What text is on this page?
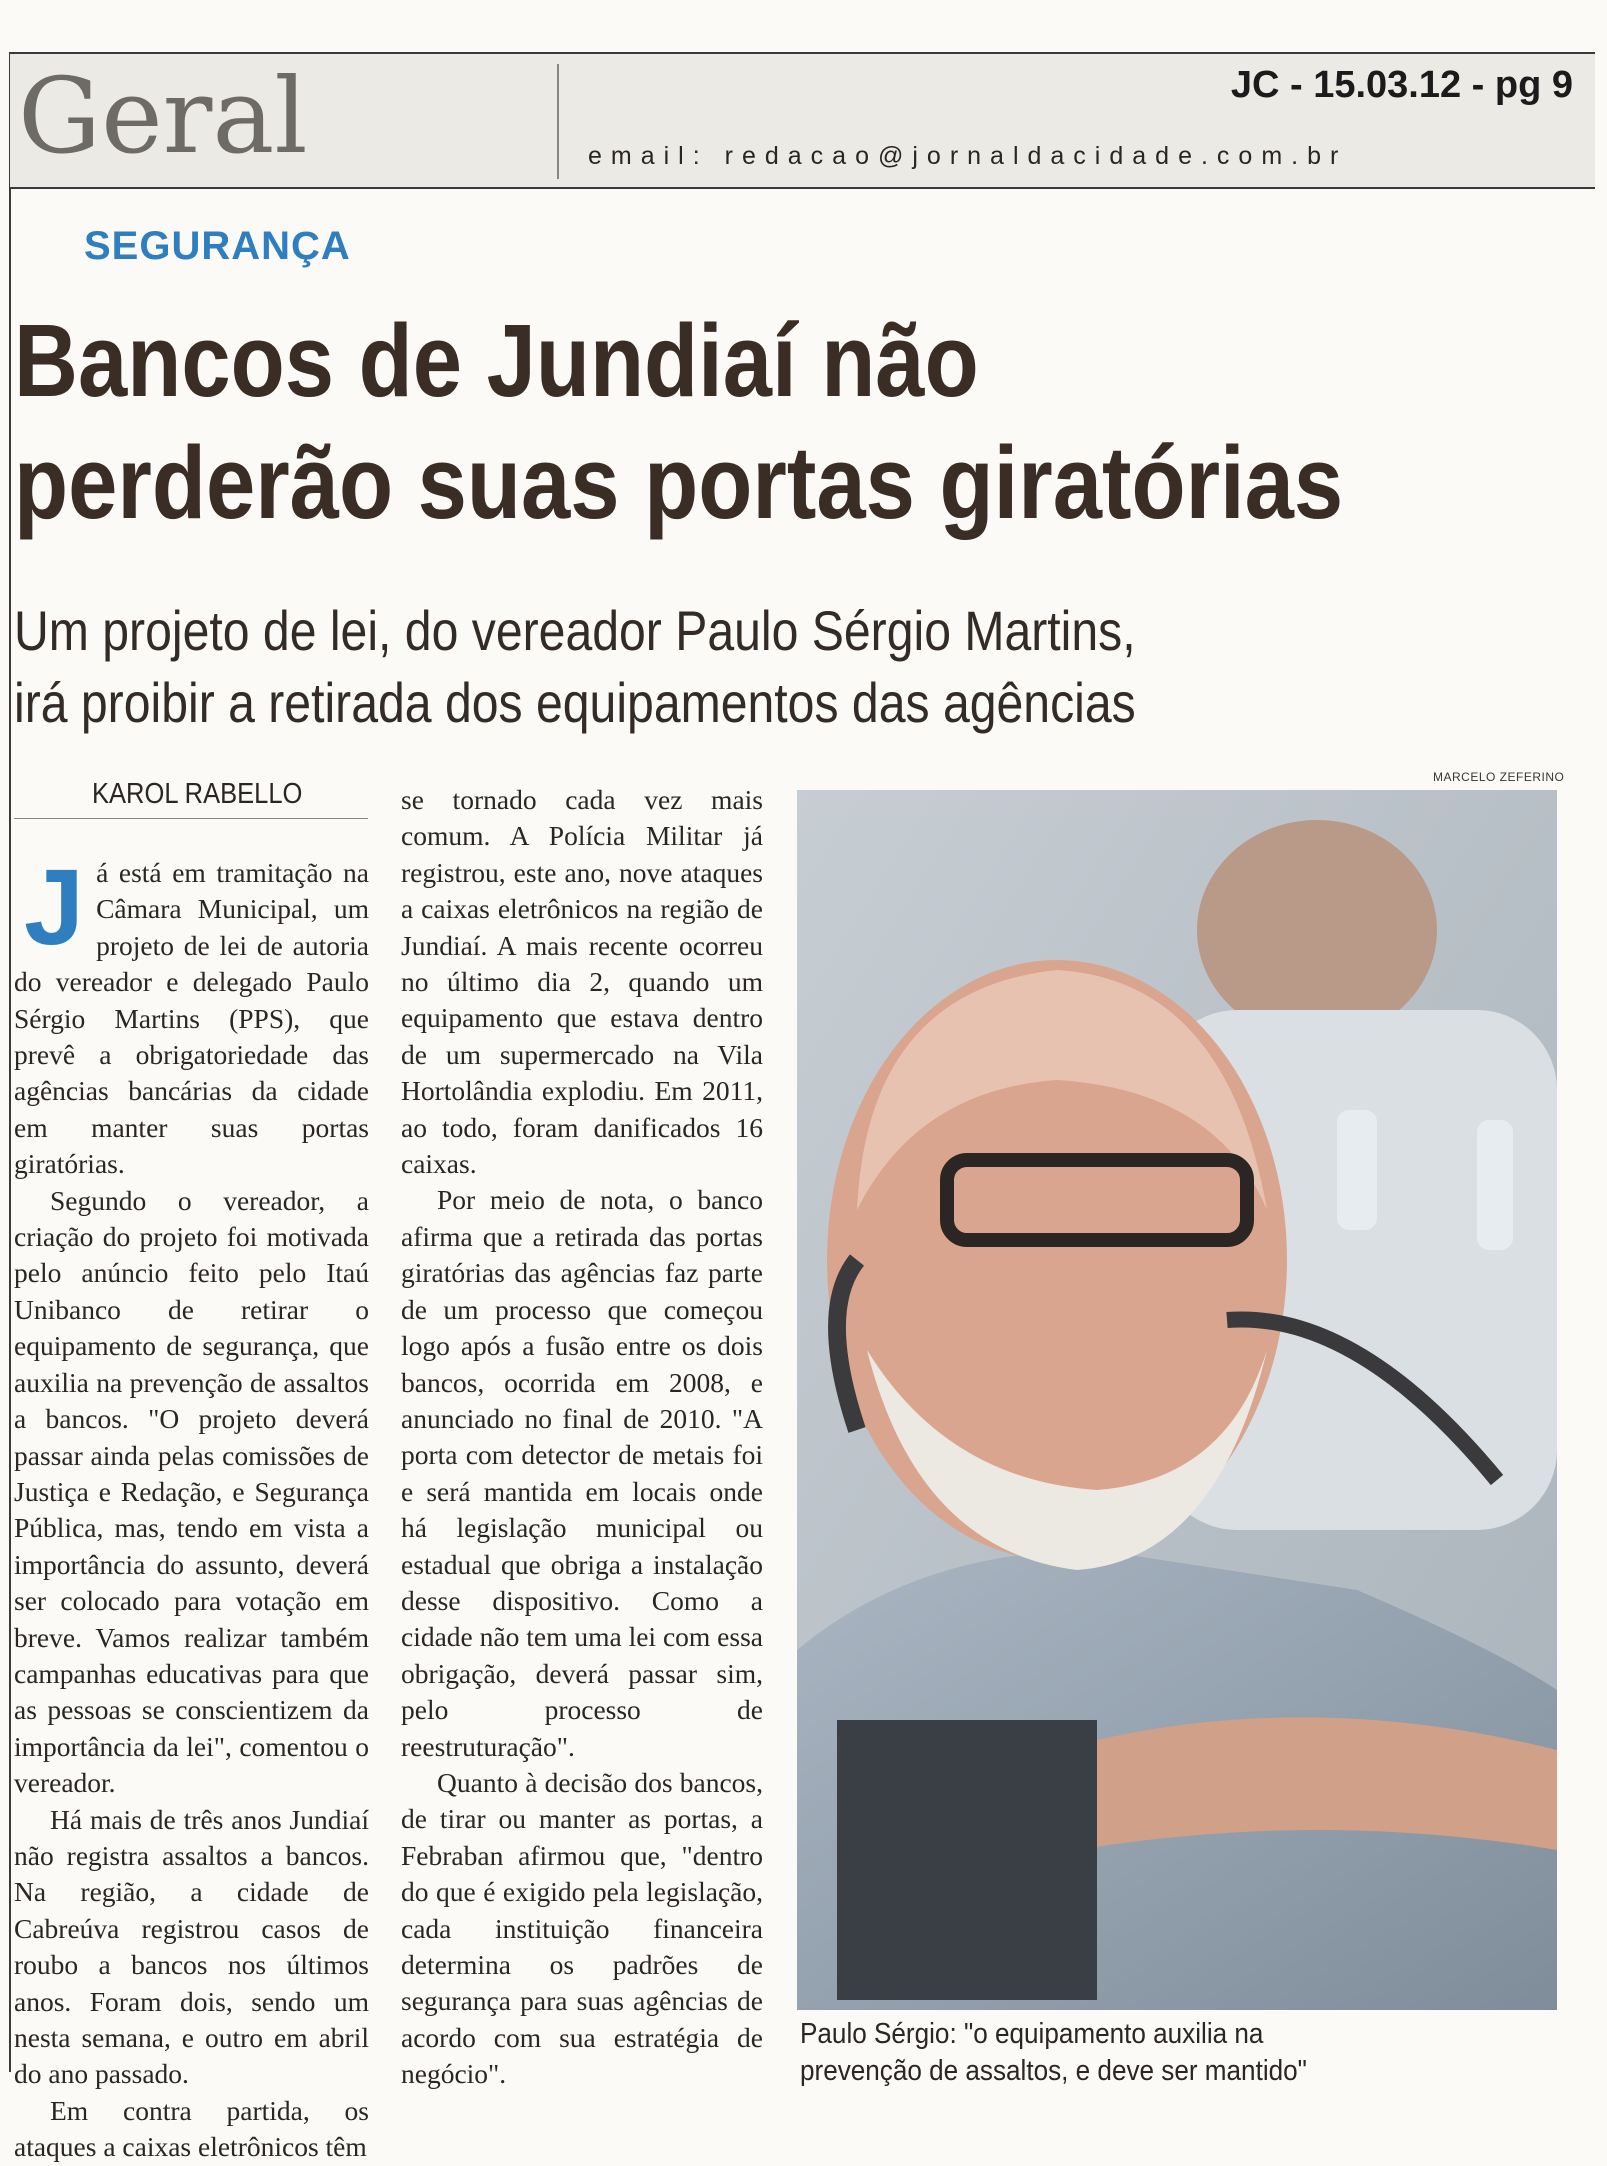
Geral	JC - 15.03.12 - pg 9
email: redacao@jornaldacidade.com.br
SEGURANÇA
Bancos de Jundiaí não
perderão suas portas giratórias
Um projeto de lei, do vereador Paulo Sérgio Martins,
irá proibir a retirada dos equipamentos das agências
KAROL RABELLO

Já está em tramitação na Câmara Municipal, um projeto de lei de autoria do vereador e delegado Paulo Sérgio Martins (PPS), que prevê a obrigatoriedade das agências bancárias da cidade em manter suas portas giratórias.

Segundo o vereador, a criação do projeto foi motivada pelo anúncio feito pelo Itaú Unibanco de retirar o equipamento de segurança, que auxilia na prevenção de assaltos a bancos. "O projeto deverá passar ainda pelas comissões de Justiça e Redação, e Segurança Pública, mas, tendo em vista a importância do assunto, deverá ser colocado para votação em breve. Vamos realizar também campanhas educativas para que as pessoas se conscientizem da importância da lei", comentou o vereador.

Há mais de três anos Jundiaí não registra assaltos a bancos. Na região, a cidade de Cabreúva registrou casos de roubo a bancos nos últimos anos. Foram dois, sendo um nesta semana, e outro em abril do ano passado.

Em contra partida, os ataques a caixas eletrônicos têm

se tornado cada vez mais comum. A Polícia Militar já registrou, este ano, nove ataques a caixas eletrônicos na região de Jundiaí. A mais recente ocorreu no último dia 2, quando um equipamento que estava dentro de um supermercado na Vila Hortolândia explodiu. Em 2011, ao todo, foram danificados 16 caixas.

Por meio de nota, o banco afirma que a retirada das portas giratórias das agências faz parte de um processo que começou logo após a fusão entre os dois bancos, ocorrida em 2008, e anunciado no final de 2010. "A porta com detector de metais foi e será mantida em locais onde há legislação municipal ou estadual que obriga a instalação desse dispositivo. Como a cidade não tem uma lei com essa obrigação, deverá passar sim, pelo processo de reestruturação".

Quanto à decisão dos bancos, de tirar ou manter as portas, a Febraban afirmou que, "dentro do que é exigido pela legislação, cada instituição financeira determina os padrões de segurança para suas agências de acordo com sua estratégia de negócio".

MARCELO ZEFERINO
Paulo Sérgio: "o equipamento auxilia na
prevenção de assaltos, e deve ser mantido"
